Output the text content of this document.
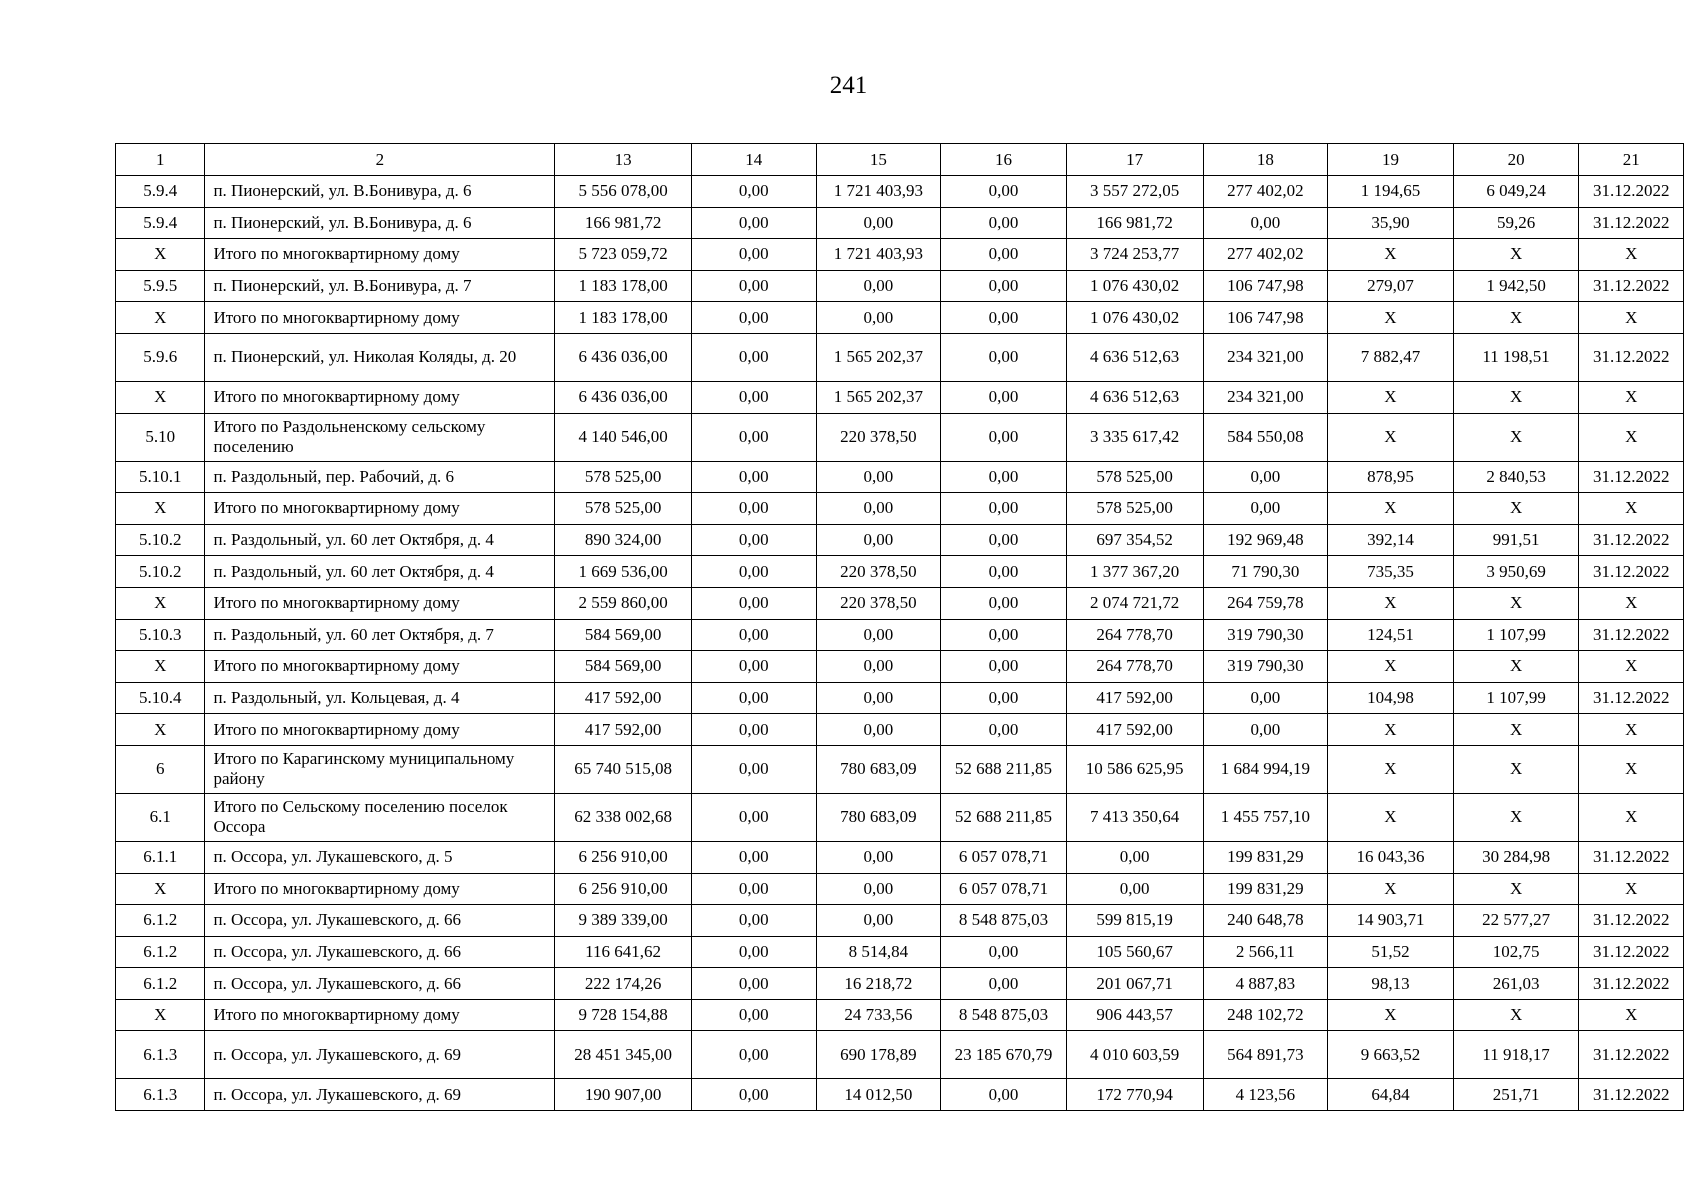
241
1	2	13	14	15	16	17	18	19	20	21
5.9.4	п. Пионерский, ул. В.Бонивура, д. 6	5 556 078,00	0,00	1 721 403,93	0,00	3 557 272,05	277 402,02	1 194,65	6 049,24	31.12.2022
5.9.4	п. Пионерский, ул. В.Бонивура, д. 6	166 981,72	0,00	0,00	0,00	166 981,72	0,00	35,90	59,26	31.12.2022
X	Итого по многоквартирному дому	5 723 059,72	0,00	1 721 403,93	0,00	3 724 253,77	277 402,02	X	X	X
5.9.5	п. Пионерский, ул. В.Бонивура, д. 7	1 183 178,00	0,00	0,00	0,00	1 076 430,02	106 747,98	279,07	1 942,50	31.12.2022
X	Итого по многоквартирному дому	1 183 178,00	0,00	0,00	0,00	1 076 430,02	106 747,98	X	X	X
5.9.6	п. Пионерский, ул. Николая Коляды, д. 20	6 436 036,00	0,00	1 565 202,37	0,00	4 636 512,63	234 321,00	7 882,47	11 198,51	31.12.2022
X	Итого по многоквартирному дому	6 436 036,00	0,00	1 565 202,37	0,00	4 636 512,63	234 321,00	X	X	X
5.10	Итого по Раздольненскому сельскому поселению	4 140 546,00	0,00	220 378,50	0,00	3 335 617,42	584 550,08	X	X	X
5.10.1	п. Раздольный, пер. Рабочий, д. 6	578 525,00	0,00	0,00	0,00	578 525,00	0,00	878,95	2 840,53	31.12.2022
X	Итого по многоквартирному дому	578 525,00	0,00	0,00	0,00	578 525,00	0,00	X	X	X
5.10.2	п. Раздольный, ул. 60 лет Октября, д. 4	890 324,00	0,00	0,00	0,00	697 354,52	192 969,48	392,14	991,51	31.12.2022
5.10.2	п. Раздольный, ул. 60 лет Октября, д. 4	1 669 536,00	0,00	220 378,50	0,00	1 377 367,20	71 790,30	735,35	3 950,69	31.12.2022
X	Итого по многоквартирному дому	2 559 860,00	0,00	220 378,50	0,00	2 074 721,72	264 759,78	X	X	X
5.10.3	п. Раздольный, ул. 60 лет Октября, д. 7	584 569,00	0,00	0,00	0,00	264 778,70	319 790,30	124,51	1 107,99	31.12.2022
X	Итого по многоквартирному дому	584 569,00	0,00	0,00	0,00	264 778,70	319 790,30	X	X	X
5.10.4	п. Раздольный, ул. Кольцевая, д. 4	417 592,00	0,00	0,00	0,00	417 592,00	0,00	104,98	1 107,99	31.12.2022
X	Итого по многоквартирному дому	417 592,00	0,00	0,00	0,00	417 592,00	0,00	X	X	X
6	Итого по Карагинскому муниципальному району	65 740 515,08	0,00	780 683,09	52 688 211,85	10 586 625,95	1 684 994,19	X	X	X
6.1	Итого по Сельскому поселению поселок Оссора	62 338 002,68	0,00	780 683,09	52 688 211,85	7 413 350,64	1 455 757,10	X	X	X
6.1.1	п. Оссора, ул. Лукашевского, д. 5	6 256 910,00	0,00	0,00	6 057 078,71	0,00	199 831,29	16 043,36	30 284,98	31.12.2022
X	Итого по многоквартирному дому	6 256 910,00	0,00	0,00	6 057 078,71	0,00	199 831,29	X	X	X
6.1.2	п. Оссора, ул. Лукашевского, д. 66	9 389 339,00	0,00	0,00	8 548 875,03	599 815,19	240 648,78	14 903,71	22 577,27	31.12.2022
6.1.2	п. Оссора, ул. Лукашевского, д. 66	116 641,62	0,00	8 514,84	0,00	105 560,67	2 566,11	51,52	102,75	31.12.2022
6.1.2	п. Оссора, ул. Лукашевского, д. 66	222 174,26	0,00	16 218,72	0,00	201 067,71	4 887,83	98,13	261,03	31.12.2022
X	Итого по многоквартирному дому	9 728 154,88	0,00	24 733,56	8 548 875,03	906 443,57	248 102,72	X	X	X
6.1.3	п. Оссора, ул. Лукашевского, д. 69	28 451 345,00	0,00	690 178,89	23 185 670,79	4 010 603,59	564 891,73	9 663,52	11 918,17	31.12.2022
6.1.3	п. Оссора, ул. Лукашевского, д. 69	190 907,00	0,00	14 012,50	0,00	172 770,94	4 123,56	64,84	251,71	31.12.2022
